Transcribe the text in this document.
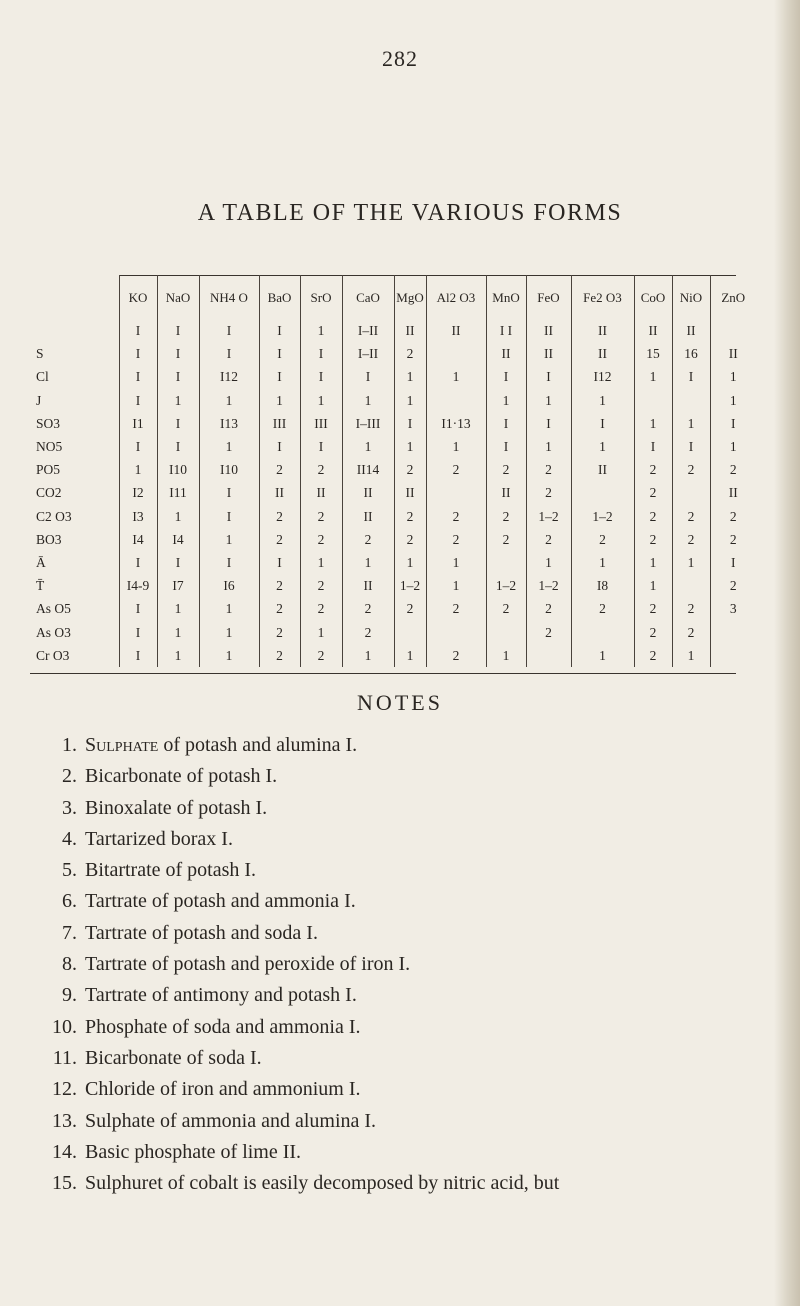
282
A TABLE OF THE VARIOUS FORMS
	KO	NaO	NH4 O	BaO	SrO	CaO	MgO	Al2 O3	MnO	FeO	Fe2 O3	CoO	NiO	ZnO
	I	I	I	I	1	I–II	II	II	I I	II	II	II	II	
S	I	I	I	I	I	I–II	2		II	II	II	15	16	II
Cl	I	I	I12	I	I	I	1	1	I	I	I12	1	I	1
J	I	1	1	1	1	1	1		1	1	1			1
SO3	I1	I	I13	III	III	I–III	I	I1·13	I	I	I	1	1	I
NO5	I	I	1	I	I	1	1	1	I	1	1	I	I	1
PO5	1	I10	I10	2	2	II14	2	2	2	2	II	2	2	2
CO2	I2	I11	I	II	II	II	II		II	2		2		II
C2 O3	I3	1	I	2	2	II	2	2	2	1–2	1–2	2	2	2
BO3	I4	I4	1	2	2	2	2	2	2	2	2	2	2	2
Ā	I	I	I	I	1	1	1	1		1	1	1	1	I
T̄	I4-9	I7	I6	2	2	II	1–2	1	1–2	1–2	I8	1		2
As O5	I	1	1	2	2	2	2	2	2	2	2	2	2	3
As O3	I	1	1	2	1	2				2		2	2	
Cr O3	I	1	1	2	2	1	1	2	1		1	2	1	
NOTES
1. Sulphate of potash and alumina I.
2. Bicarbonate of potash I.
3. Binoxalate of potash I.
4. Tartarized borax I.
5. Bitartrate of potash I.
6. Tartrate of potash and ammonia I.
7. Tartrate of potash and soda I.
8. Tartrate of potash and peroxide of iron I.
9. Tartrate of antimony and potash I.
10. Phosphate of soda and ammonia I.
11. Bicarbonate of soda I.
12. Chloride of iron and ammonium I.
13. Sulphate of ammonia and alumina I.
14. Basic phosphate of lime II.
15. Sulphuret of cobalt is easily decomposed by nitric acid, but
